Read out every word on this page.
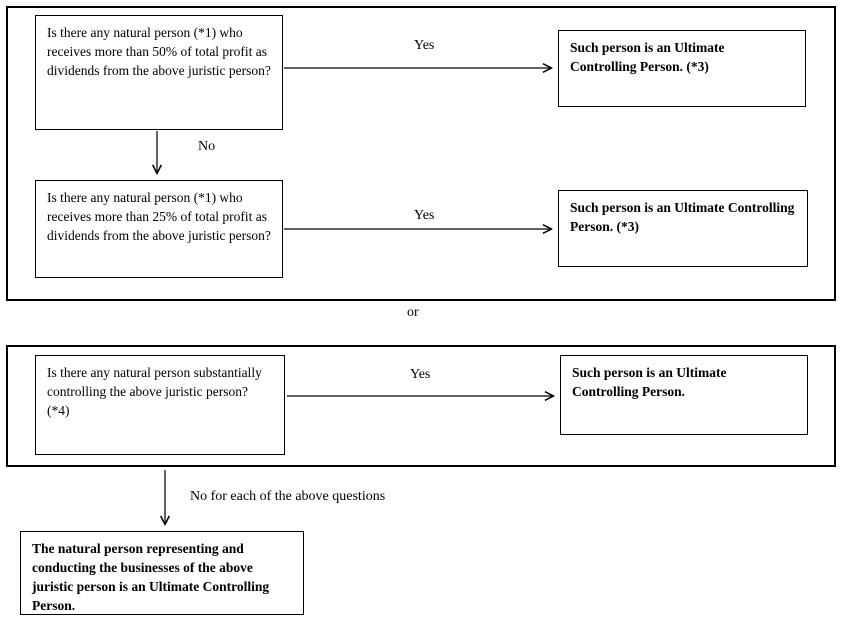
Is there any natural person (*1) who receives more than 50% of total profit as dividends from the above juristic person?
Such person is an Ultimate Controlling Person. (*3)
Is there any natural person (*1) who receives more than 25% of total profit as dividends from the above juristic person?
Such person is an Ultimate Controlling Person. (*3)
Is there any natural person substantially controlling the above juristic person? (*4)
Such person is an Ultimate Controlling Person.
The natural person representing and conducting the businesses of the above juristic person is an Ultimate Controlling Person.
Yes
No
Yes
or
Yes
No for each of the above questions
